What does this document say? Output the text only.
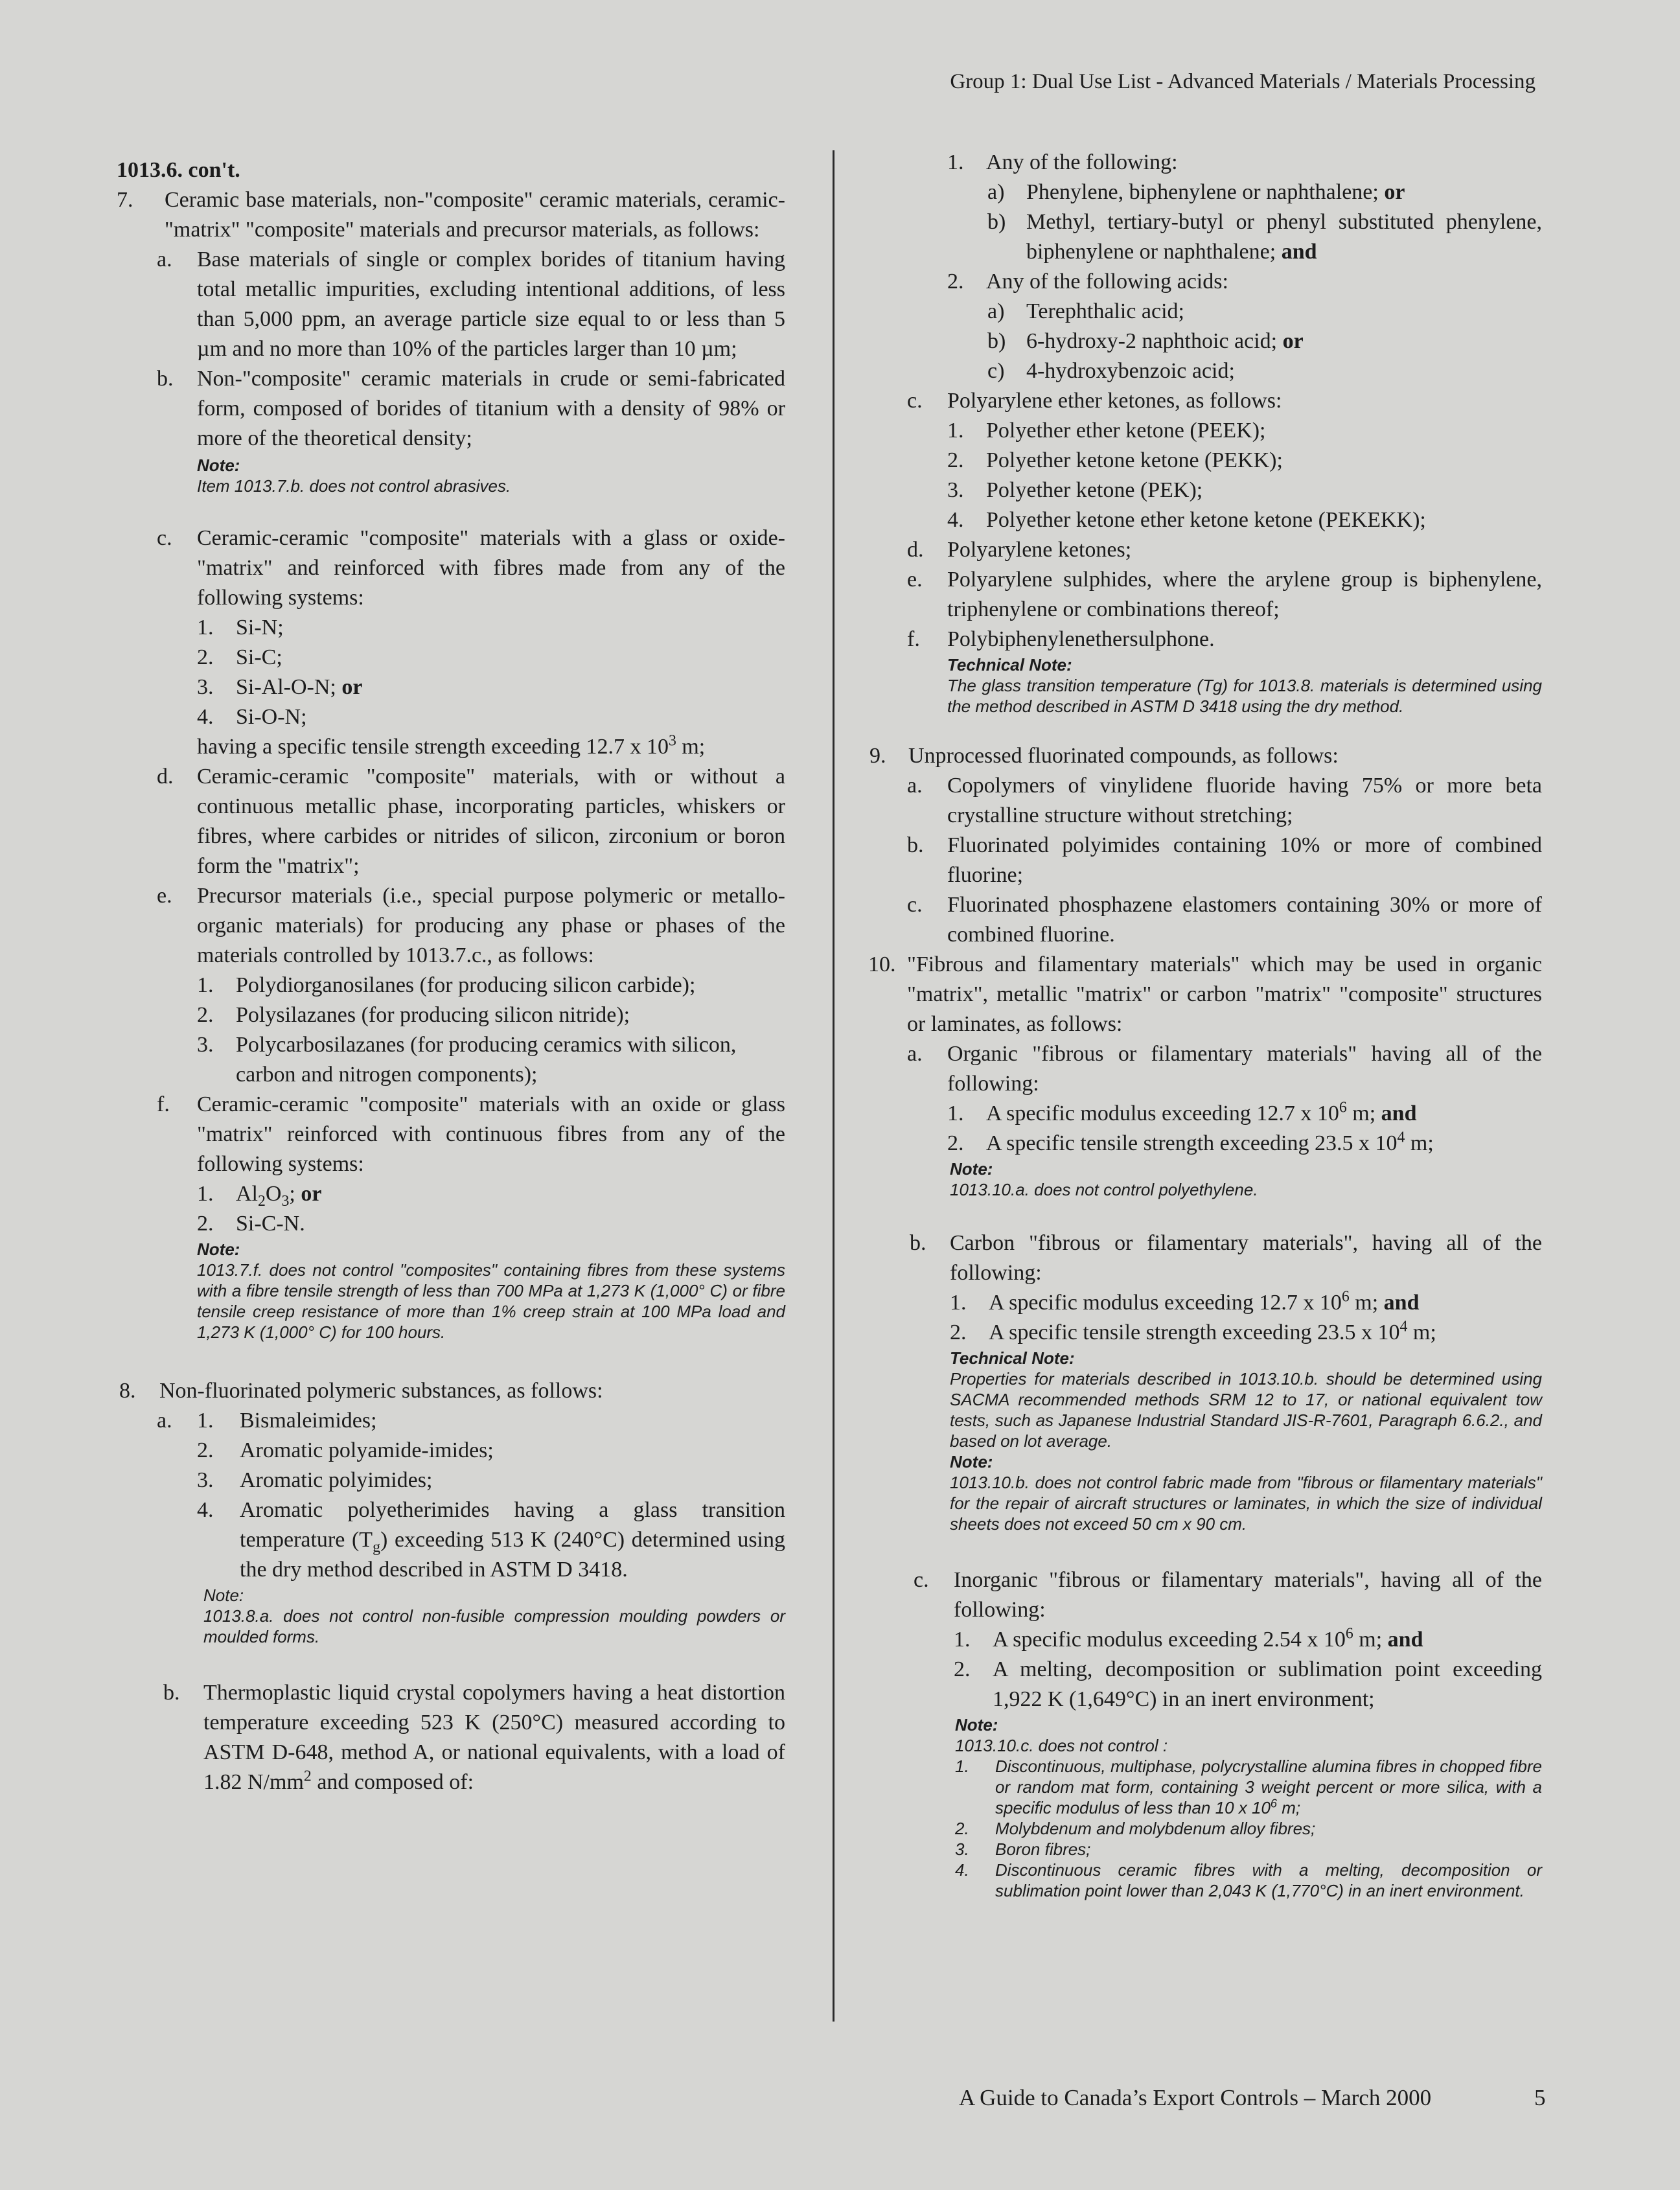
Group 1: Dual Use List - Advanced Materials / Materials Processing
1013.6. con't.
7. Ceramic base materials, non-"composite" ceramic materials, ceramic-"matrix" "composite" materials and precursor materials, as follows:
a. Base materials of single or complex borides of titanium having total metallic impurities, excluding intentional additions, of less than 5,000 ppm, an average particle size equal to or less than 5 µm and no more than 10% of the particles larger than 10 µm;
b. Non-"composite" ceramic materials in crude or semi-fabricated form, composed of borides of titanium with a density of 98% or more of the theoretical density;
Note:
Item 1013.7.b. does not control abrasives.
c. Ceramic-ceramic "composite" materials with a glass or oxide-"matrix" and reinforced with fibres made from any of the following systems:
1. Si-N;
2. Si-C;
3. Si-Al-O-N; or
4. Si-O-N;
having a specific tensile strength exceeding 12.7 x $10^3$ m;
d. Ceramic-ceramic "composite" materials, with or without a continuous metallic phase, incorporating particles, whiskers or fibres, where carbides or nitrides of silicon, zirconium or boron form the "matrix";
e. Precursor materials (i.e., special purpose polymeric or metallo-organic materials) for producing any phase or phases of the materials controlled by 1013.7.c., as follows:
1. Polydiorganosilanes (for producing silicon carbide);
2. Polysilazanes (for producing silicon nitride);
3. Polycarbosilazanes (for producing ceramics with silicon, carbon and nitrogen components);
f. Ceramic-ceramic "composite" materials with an oxide or glass "matrix" reinforced with continuous fibres from any of the following systems:
1. $Al_2O_3$; or
2. Si-C-N.
Note:
1013.7.f. does not control "composites" containing fibres from these systems with a fibre tensile strength of less than 700 MPa at 1,273 K (1,000° C) or fibre tensile creep resistance of more than 1% creep strain at 100 MPa load and 1,273 K (1,000° C) for 100 hours.
8. Non-fluorinated polymeric substances, as follows:
a. 1. Bismaleimides;
2. Aromatic polyamide-imides;
3. Aromatic polyimides;
4. Aromatic polyetherimides having a glass transition temperature $(T_g)$ exceeding 513 K (240°C) determined using the dry method described in ASTM D 3418.
Note:
1013.8.a. does not control non-fusible compression moulding powders or moulded forms.
b. Thermoplastic liquid crystal copolymers having a heat distortion temperature exceeding 523 K (250°C) measured according to ASTM D-648, method A, or national equivalents, with a load of 1.82 $N/mm^2$ and composed of:
1. Any of the following:
a) Phenylene, biphenylene or naphthalene; or
b) Methyl, tertiary-butyl or phenyl substituted phenylene, biphenylene or naphthalene; and
2. Any of the following acids:
a) Terephthalic acid;
b) 6-hydroxy-2 naphthoic acid; or
c) 4-hydroxybenzoic acid;
c. Polyarylene ether ketones, as follows:
1. Polyether ether ketone (PEEK);
2. Polyether ketone ketone (PEKK);
3. Polyether ketone (PEK);
4. Polyether ketone ether ketone ketone (PEKEKK);
d. Polyarylene ketones;
e. Polyarylene sulphides, where the arylene group is biphenylene, triphenylene or combinations thereof;
f. Polybiphenylenethersulphone.
Technical Note:
The glass transition temperature (Tg) for 1013.8. materials is determined using the method described in ASTM D 3418 using the dry method.
9. Unprocessed fluorinated compounds, as follows:
a. Copolymers of vinylidene fluoride having 75% or more beta crystalline structure without stretching;
b. Fluorinated polyimides containing 10% or more of combined fluorine;
c. Fluorinated phosphazene elastomers containing 30% or more of combined fluorine.
10. "Fibrous and filamentary materials" which may be used in organic "matrix", metallic "matrix" or carbon "matrix" "composite" structures or laminates, as follows:
a. Organic "fibrous or filamentary materials" having all of the following:
1. A specific modulus exceeding 12.7 x $10^6$ m; and
2. A specific tensile strength exceeding 23.5 x $10^4$ m;
Note:
1013.10.a. does not control polyethylene.
b. Carbon "fibrous or filamentary materials", having all of the following:
1. A specific modulus exceeding 12.7 x $10^6$ m; and
2. A specific tensile strength exceeding 23.5 x $10^4$ m;
Technical Note:
Properties for materials described in 1013.10.b. should be determined using SACMA recommended methods SRM 12 to 17, or national equivalent tow tests, such as Japanese Industrial Standard JIS-R-7601, Paragraph 6.6.2., and based on lot average.
Note:
1013.10.b. does not control fabric made from "fibrous or filamentary materials" for the repair of aircraft structures or laminates, in which the size of individual sheets does not exceed 50 cm x 90 cm.
c. Inorganic "fibrous or filamentary materials", having all of the following:
1. A specific modulus exceeding 2.54 x $10^6$ m; and
2. A melting, decomposition or sublimation point exceeding 1,922 K (1,649°C) in an inert environment;
Note:
1013.10.c. does not control :
1. Discontinuous, multiphase, polycrystalline alumina fibres in chopped fibre or random mat form, containing 3 weight percent or more silica, with a specific modulus of less than 10 x $10^6$ m;
2. Molybdenum and molybdenum alloy fibres;
3. Boron fibres;
4. Discontinuous ceramic fibres with a melting, decomposition or sublimation point lower than 2,043 K (1,770°C) in an inert environment.
A Guide to Canada’s Export Controls – March 2000	5
